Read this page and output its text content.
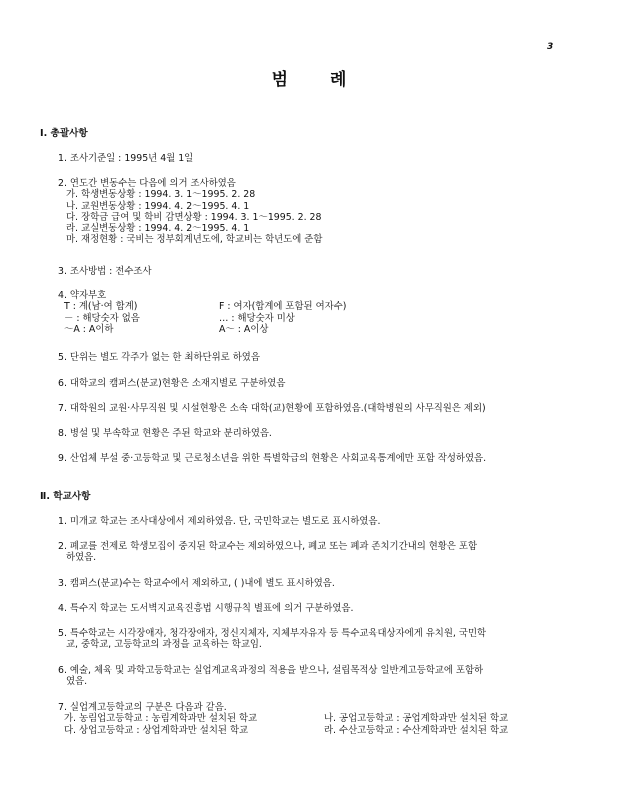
3
범 례
Ⅰ. 총괄사항
1. 조사기준일 : 1995년 4월 1일
2. 연도간 변동수는 다음에 의거 조사하였음
가. 학생변동상황 : 1994. 3. 1～1995. 2. 28
나. 교원변동상황 : 1994. 4. 2～1995. 4. 1
다. 장학금 급여 및 학비 감면상황 : 1994. 3. 1～1995. 2. 28
라. 교실변동상황 : 1994. 4. 2～1995. 4. 1
마. 재정현황 : 국비는 정부회계년도에, 학교비는 학년도에 준함
3. 조사방법 : 전수조사
4. 약자부호
T : 계(남·여 합계)	F : 여자(합계에 포함된 여자수)
－ : 해당숫자 없음	… : 해당숫자 미상
～A : A이하	A～ : A이상
5. 단위는 별도 각주가 없는 한 최하단위로 하였음
6. 대학교의 캠퍼스(분교)현황은 소재지별로 구분하였음
7. 대학원의 교원·사무직원 및 시설현황은 소속 대학(교)현황에 포함하였음.(대학병원의 사무직원은 제외)
8. 병설 및 부속학교 현황은 주된 학교와 분리하였음.
9. 산업체 부설 중·고등학교 및 근로청소년을 위한 특별학급의 현황은 사회교육통계에만 포함 작성하였음.
Ⅱ. 학교사항
1. 미개교 학교는 조사대상에서 제외하였음. 단, 국민학교는 별도로 표시하였음.
2. 폐교를 전제로 학생모집이 중지된 학교수는 제외하였으나, 폐교 또는 폐과 존치기간내의 현황은 포함
하였음.
3. 캠퍼스(분교)수는 학교수에서 제외하고, ( )내에 별도 표시하였음.
4. 특수지 학교는 도서벽지교육진흥법 시행규칙 별표에 의거 구분하였음.
5. 특수학교는 시각장애자, 청각장애자, 정신지체자, 지체부자유자 등 특수교육대상자에게 유치원, 국민학
교, 중학교, 고등학교의 과정을 교육하는 학교임.
6. 예술, 체육 및 과학고등학교는 실업계교육과정의 적용을 받으나, 설립목적상 일반계고등학교에 포함하
였음.
7. 실업계고등학교의 구분은 다음과 같음.
가. 농림업고등학교 : 농림계학과만 설치된 학교	나. 공업고등학교 : 공업계학과만 설치된 학교
다. 상업고등학교 : 상업계학과만 설치된 학교	라. 수산고등학교 : 수산계학과만 설치된 학교
